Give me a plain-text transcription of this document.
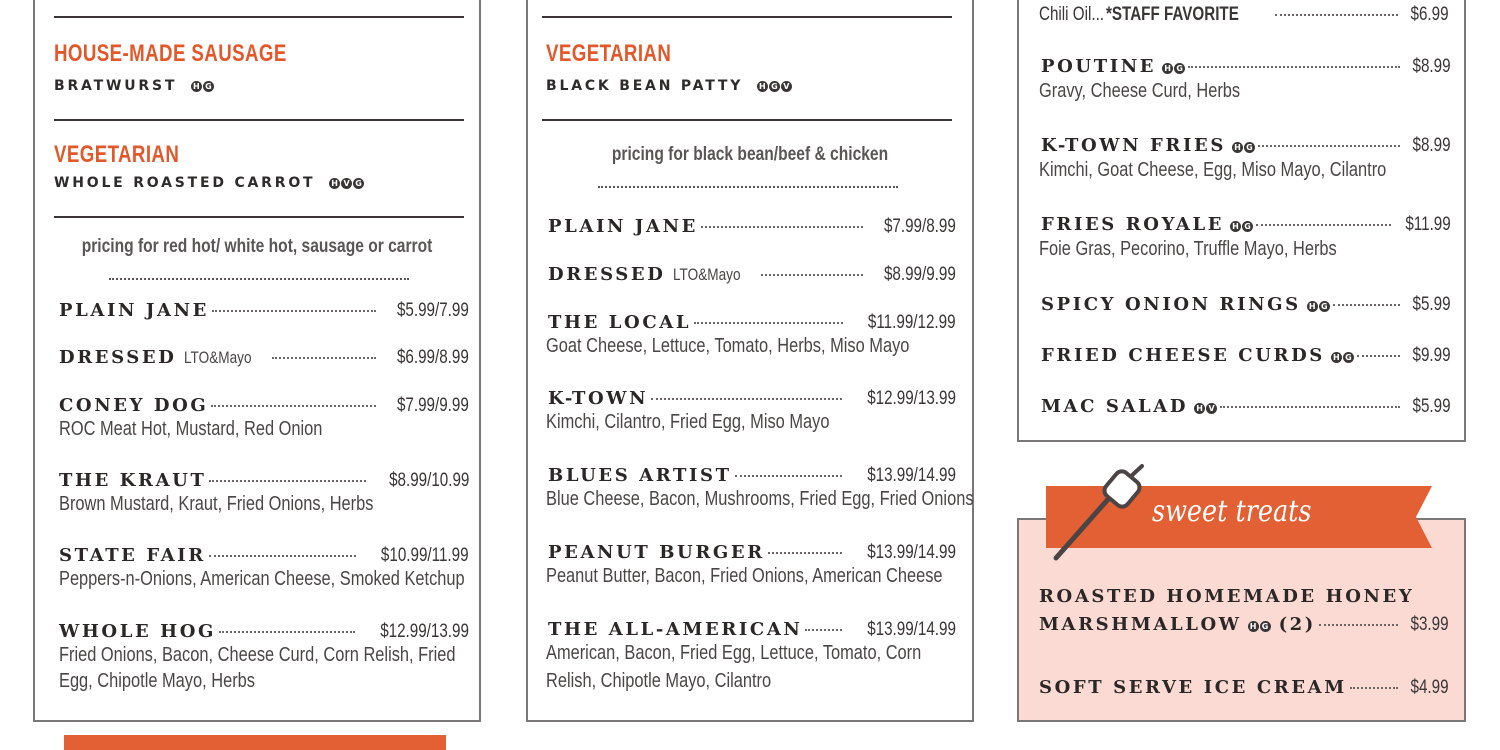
HOUSE-MADE SAUSAGE
BRATWURST H G
VEGETARIAN
WHOLE ROASTED CARROT H V G
pricing for red hot/ white hot, sausage or carrot
PLAIN JANE	$5.99/7.99
DRESSED LTO&Mayo	$6.99/8.99
CONEY DOG	$7.99/9.99
ROC Meat Hot, Mustard, Red Onion
THE KRAUT	$8.99/10.99
Brown Mustard, Kraut, Fried Onions, Herbs
STATE FAIR	$10.99/11.99
Peppers-n-Onions, American Cheese, Smoked Ketchup
WHOLE HOG	$12.99/13.99
Fried Onions, Bacon, Cheese Curd, Corn Relish, Fried
Egg, Chipotle Mayo, Herbs
VEGETARIAN
BLACK BEAN PATTY H G V
pricing for black bean/beef & chicken
PLAIN JANE	$7.99/8.99
DRESSED LTO&Mayo	$8.99/9.99
THE LOCAL	$11.99/12.99
Goat Cheese, Lettuce, Tomato, Herbs, Miso Mayo
K-TOWN	$12.99/13.99
Kimchi, Cilantro, Fried Egg, Miso Mayo
BLUES ARTIST	$13.99/14.99
Blue Cheese, Bacon, Mushrooms, Fried Egg, Fried Onions
PEANUT BURGER	$13.99/14.99
Peanut Butter, Bacon, Fried Onions, American Cheese
THE ALL-AMERICAN	$13.99/14.99
American, Bacon, Fried Egg, Lettuce, Tomato, Corn
Relish, Chipotle Mayo, Cilantro
Chili Oil... *STAFF FAVORITE	$6.99
POUTINE H G	$8.99
Gravy, Cheese Curd, Herbs
K-TOWN FRIES H G	$8.99
Kimchi, Goat Cheese, Egg, Miso Mayo, Cilantro
FRIES ROYALE H G	$11.99
Foie Gras, Pecorino, Truffle Mayo, Herbs
SPICY ONION RINGS H G	$5.99
FRIED CHEESE CURDS H G	$9.99
MAC SALAD H V	$5.99
ROASTED HOMEMADE HONEY
MARSHMALLOW H G (2)	$3.99
SOFT SERVE ICE CREAM	$4.99
sweet treats
